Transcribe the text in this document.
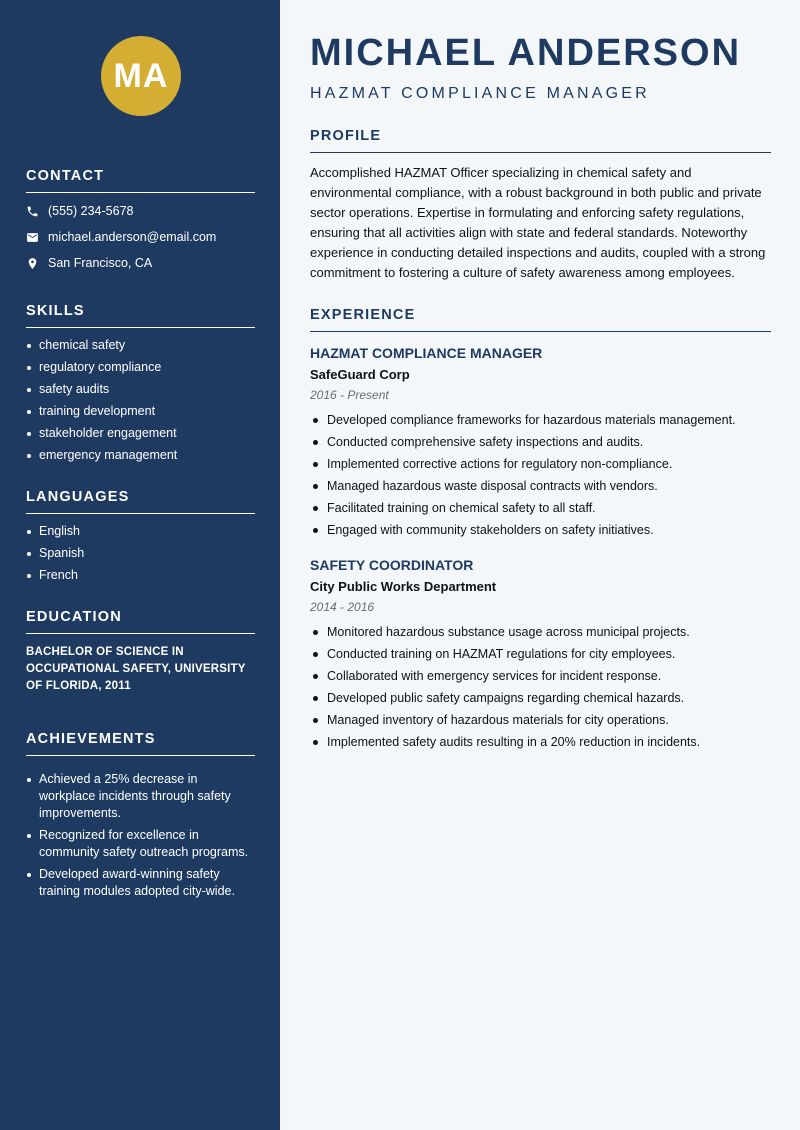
MA
CONTACT
(555) 234-5678
michael.anderson@email.com
San Francisco, CA
SKILLS
chemical safety
regulatory compliance
safety audits
training development
stakeholder engagement
emergency management
LANGUAGES
English
Spanish
French
EDUCATION
BACHELOR OF SCIENCE IN OCCUPATIONAL SAFETY, UNIVERSITY OF FLORIDA, 2011
ACHIEVEMENTS
Achieved a 25% decrease in workplace incidents through safety improvements.
Recognized for excellence in community safety outreach programs.
Developed award-winning safety training modules adopted city-wide.
MICHAEL ANDERSON
HAZMAT COMPLIANCE MANAGER
PROFILE

Accomplished HAZMAT Officer specializing in chemical safety and environmental compliance, with a robust background in both public and private sector operations. Expertise in formulating and enforcing safety regulations, ensuring that all activities align with state and federal standards. Noteworthy experience in conducting detailed inspections and audits, coupled with a strong commitment to fostering a culture of safety awareness among employees.

EXPERIENCE
HAZMAT COMPLIANCE MANAGER
SafeGuard Corp
2016 - Present
Developed compliance frameworks for hazardous materials management.
Conducted comprehensive safety inspections and audits.
Implemented corrective actions for regulatory non-compliance.
Managed hazardous waste disposal contracts with vendors.
Facilitated training on chemical safety to all staff.
Engaged with community stakeholders on safety initiatives.
SAFETY COORDINATOR
City Public Works Department
2014 - 2016
Monitored hazardous substance usage across municipal projects.
Conducted training on HAZMAT regulations for city employees.
Collaborated with emergency services for incident response.
Developed public safety campaigns regarding chemical hazards.
Managed inventory of hazardous materials for city operations.
Implemented safety audits resulting in a 20% reduction in incidents.
